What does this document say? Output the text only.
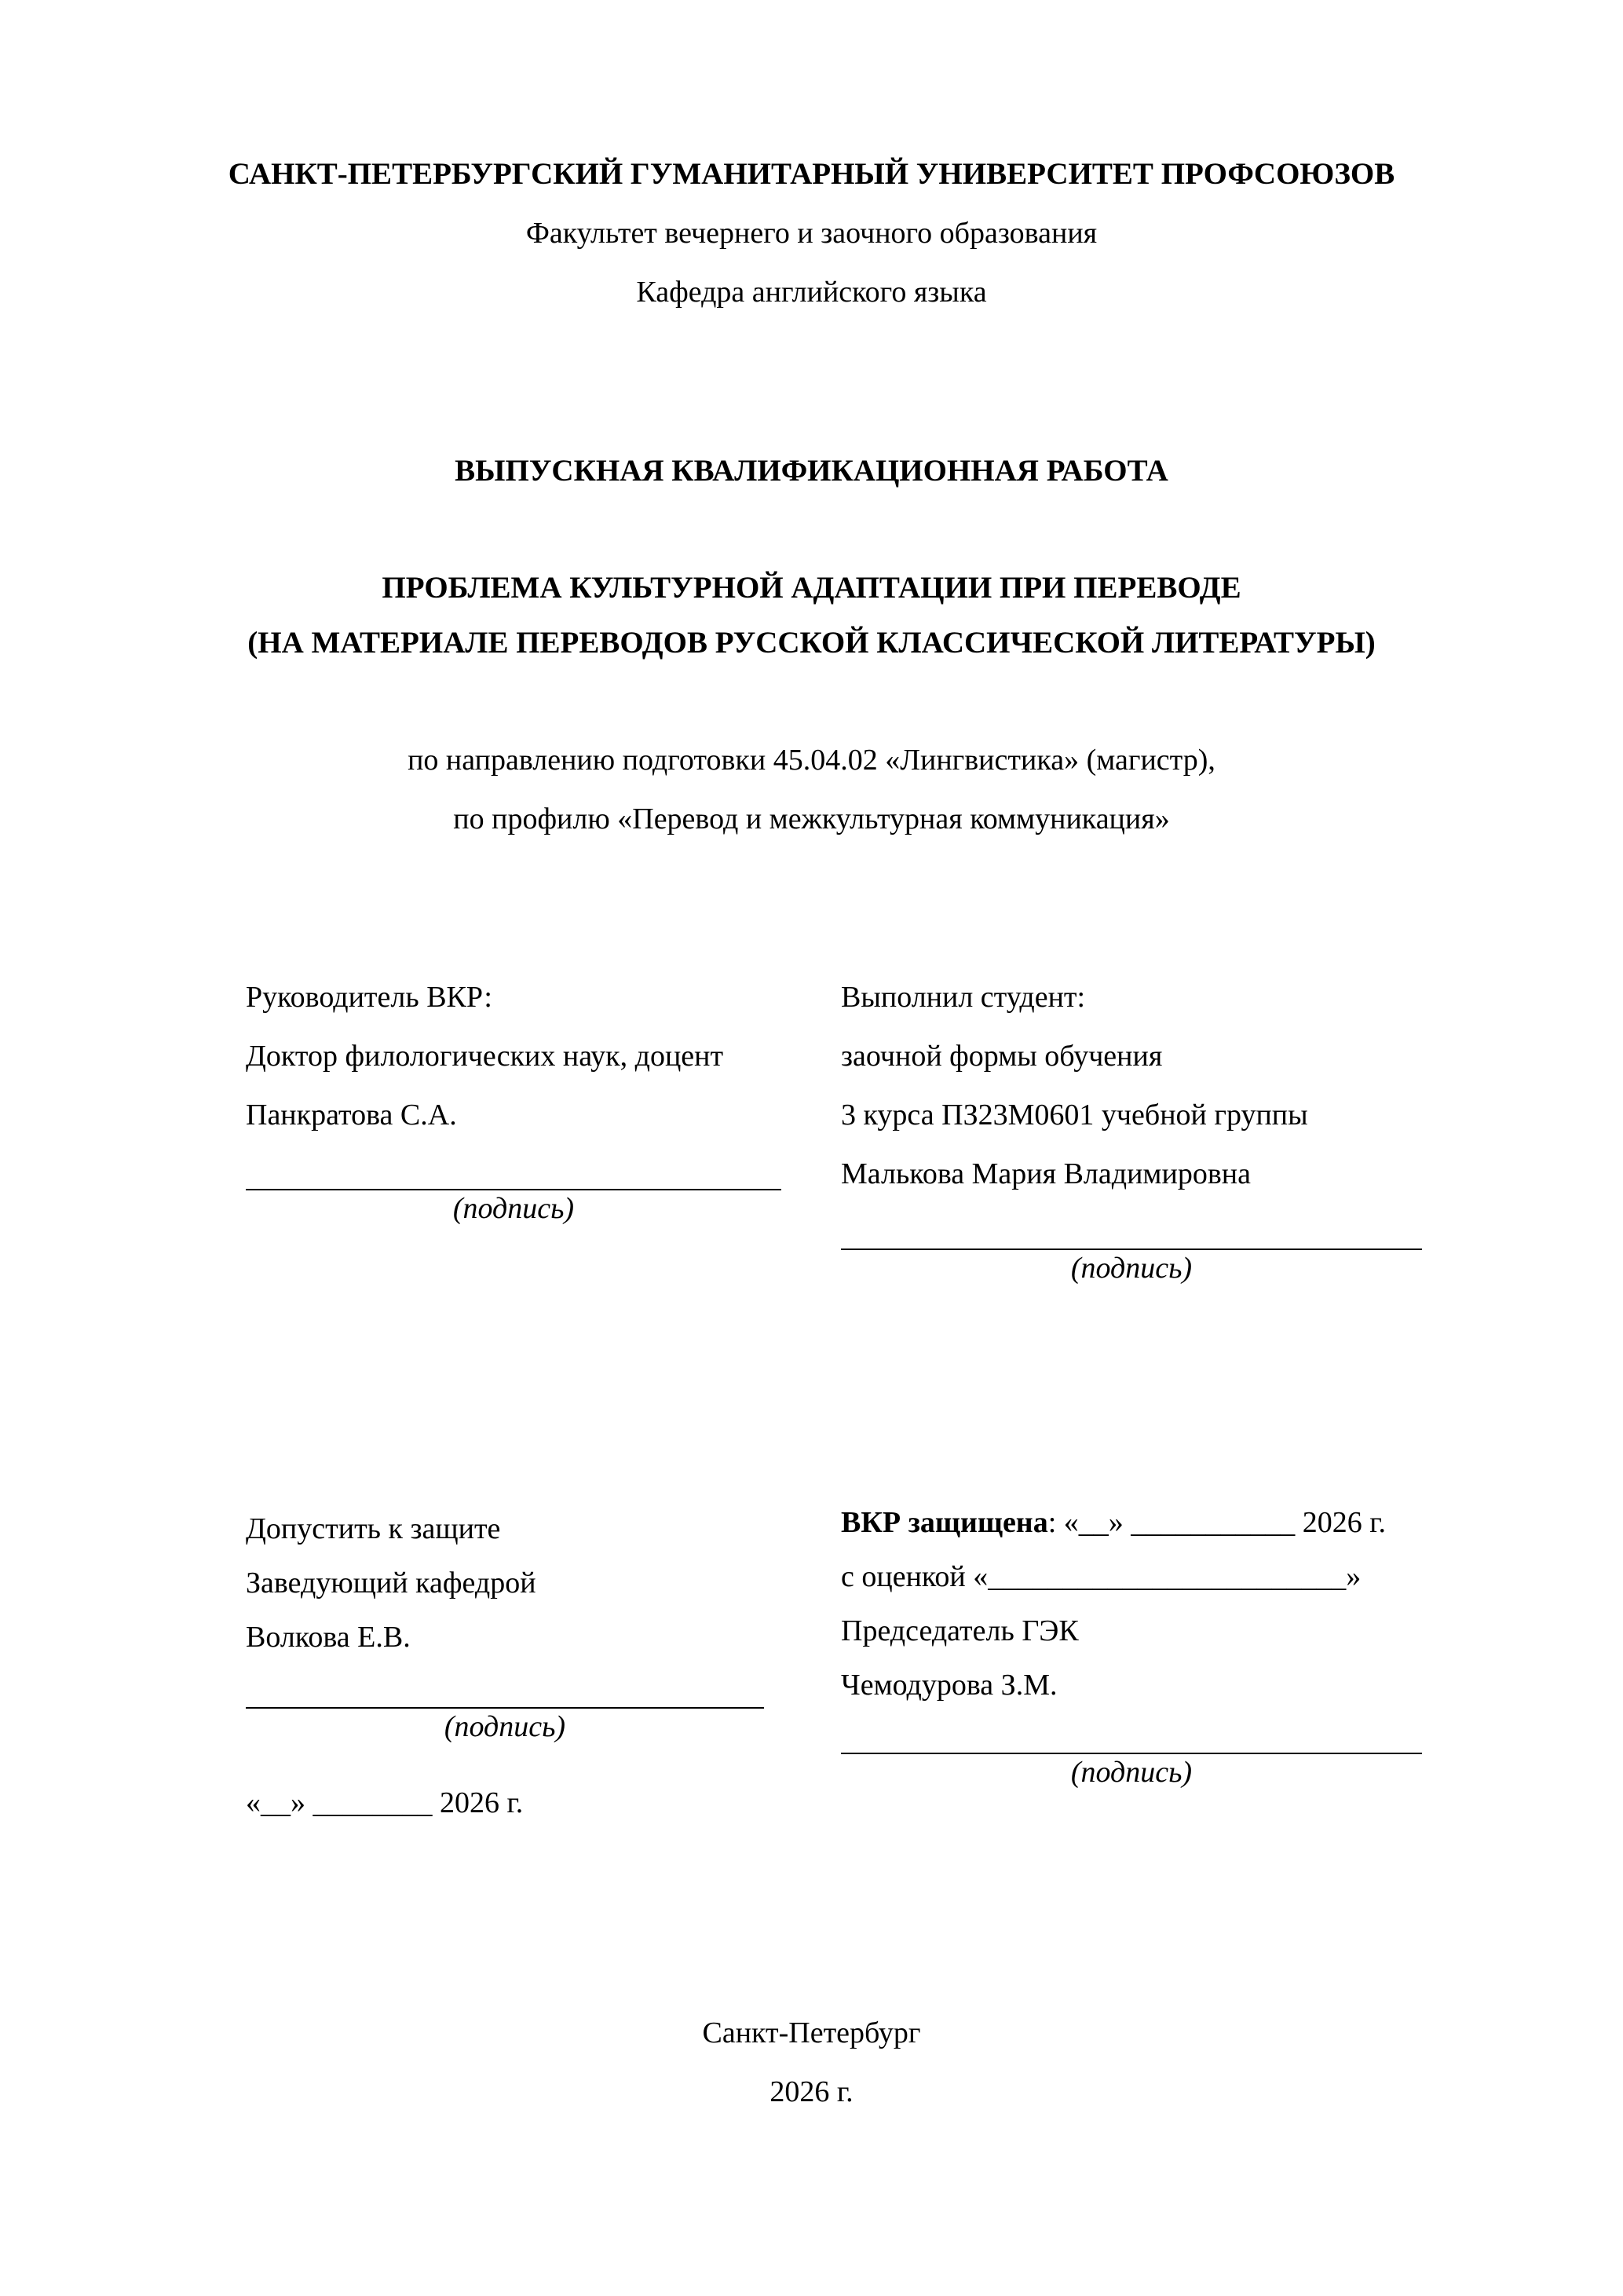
САНКТ-ПЕТЕРБУРГСКИЙ ГУМАНИТАРНЫЙ УНИВЕРСИТЕТ ПРОФСОЮЗОВ
Факультет вечернего и заочного образования
Кафедра английского языка
ВЫПУСКНАЯ КВАЛИФИКАЦИОННАЯ РАБОТА
ПРОБЛЕМА КУЛЬТУРНОЙ АДАПТАЦИИ ПРИ ПЕРЕВОДЕ
(НА МАТЕРИАЛЕ ПЕРЕВОДОВ РУССКОЙ КЛАССИЧЕСКОЙ ЛИТЕРАТУРЫ)
по направлению подготовки 45.04.02 «Лингвистика» (магистр),
по профилю «Перевод и межкультурная коммуникация»
Руководитель ВКР:
Доктор филологических наук, доцент
Панкратова С.А.
(подпись)
Выполнил студент:
заочной формы обучения
3 курса ПЗ23М0601 учебной группы
Малькова Мария Владимировна
(подпись)
Допустить к защите
Заведующий кафедрой
Волкова Е.В.
(подпись)
«__» ________ 2026 г.
ВКР защищена: «__» ___________ 2026 г.
с оценкой «________________________»
Председатель ГЭК
Чемодурова З.М.
(подпись)
Санкт-Петербург
2026 г.
